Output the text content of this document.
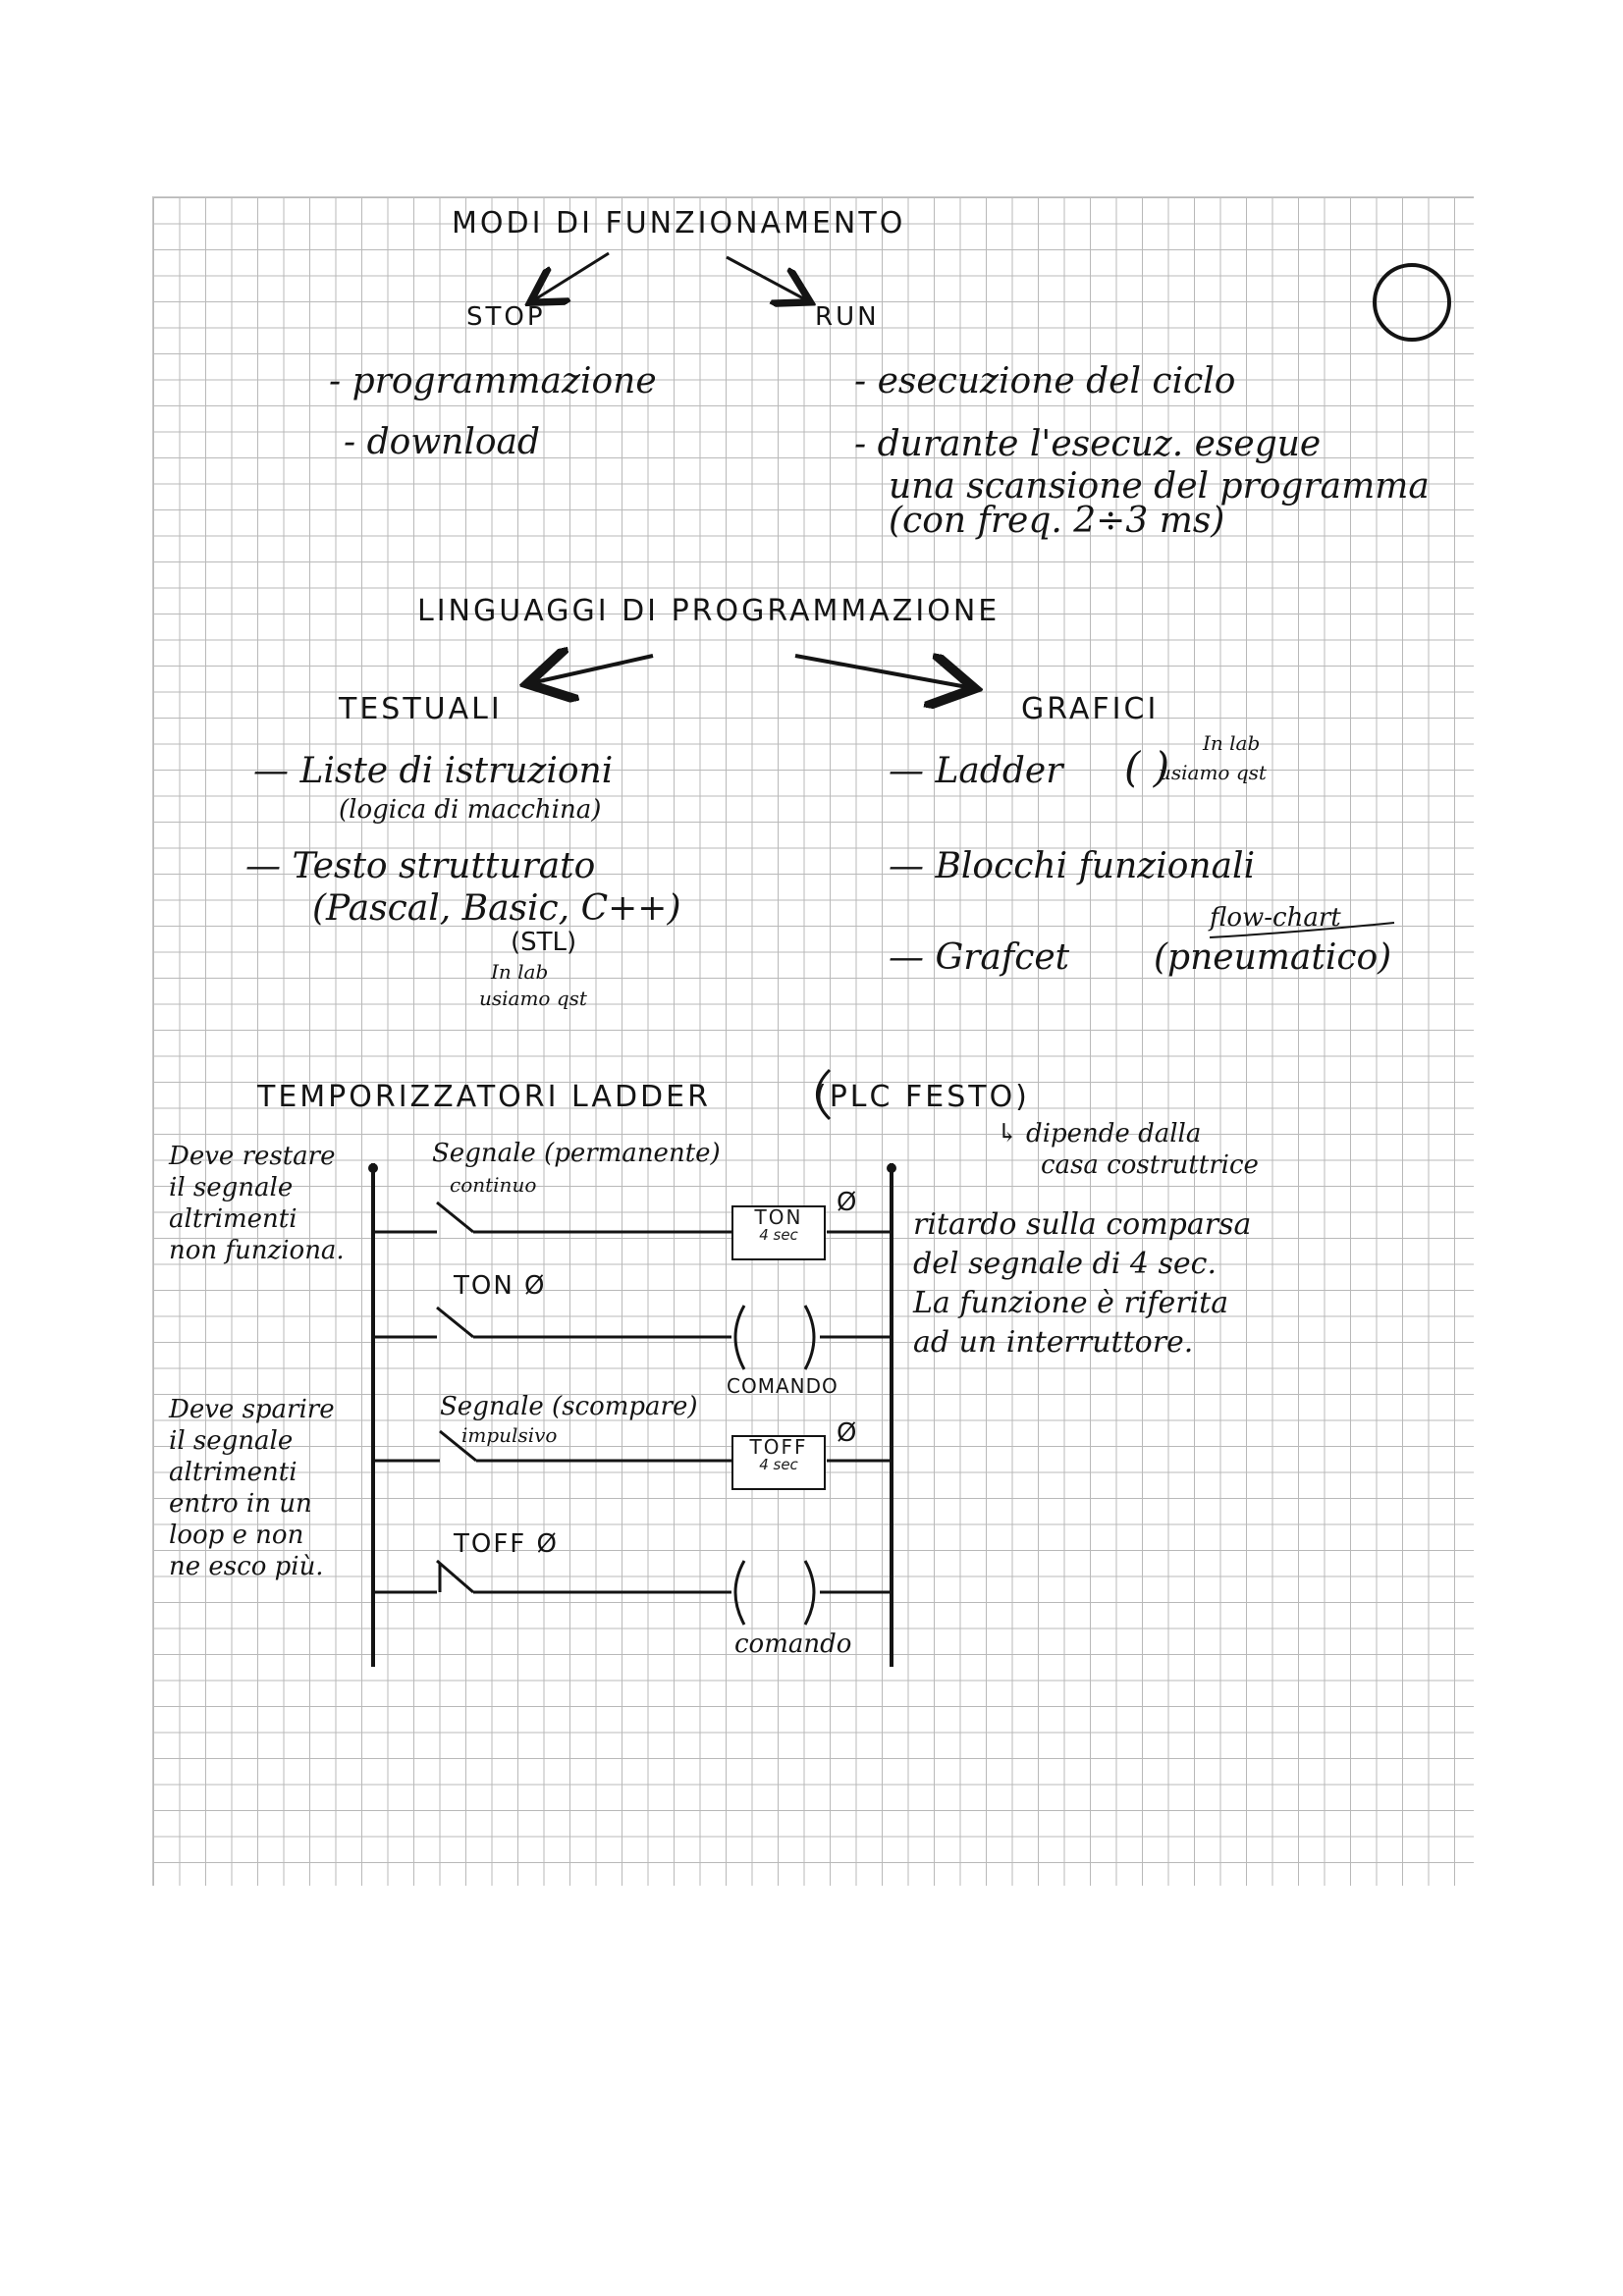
MODI DI FUNZIONAMENTO
STOP	RUN
- programmazione
- download
- esecuzione del ciclo
- durante l'esecuz. esegue
una scansione del programma
(con freq. 2÷3 ms)
LINGUAGGI DI PROGRAMMAZIONE
TESTUALI	GRAFICI
— Liste di istruzioni
(logica di macchina)
— Testo strutturato
(Pascal, Basic, C++)
(STL)
In lab
usiamo qst
— Ladder ( ) In lab
usiamo qst
— Blocchi funzionali
— Grafcet
flow-chart
(pneumatico)
TEMPORIZZATORI LADDER	(PLC FESTO)
↳ dipende dalla
casa costruttrice
Deve restare
il segnale
altrimenti
non funziona.
Deve sparire
il segnale
altrimenti
entro in un
loop e non
ne esco più.
Segnale (permanente)
continuo
TON
4 sec
Ø
TON Ø
COMANDO
Segnale (scompare)
impulsivo	TOFF
4 sec
Ø
TOFF Ø
comando
ritardo sulla comparsa
del segnale di 4 sec.
La funzione è riferita
ad un interruttore.
